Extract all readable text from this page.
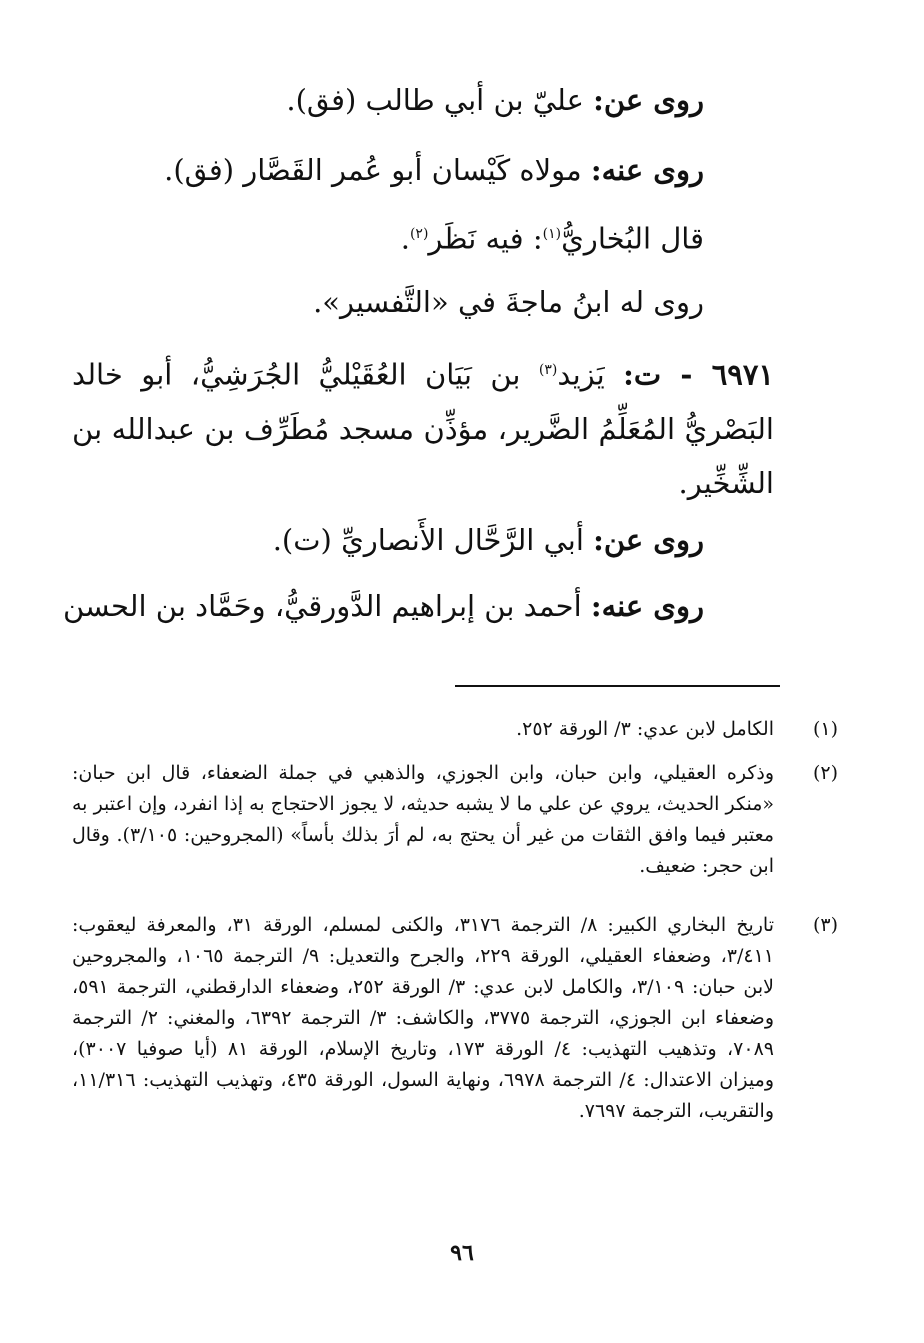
روى عن: عليّ بن أبي طالب (فق).

روى عنه: مولاه كَيْسان أبو عُمر القَصَّار (فق).

قال البُخاريُّ$^{(١)}$: فيه نَظَر$^{(٢)}$.

روى له ابنُ ماجةَ في «التَّفسير».

٦٩٧١ - ت: يَزيد$^{(٣)}$ بن بَيَان العُقَيْليُّ الجُرَشِيُّ، أبو خالد البَصْريُّ المُعَلِّمُ الضَّرير، مؤذِّن مسجد مُطَرِّف بن عبدالله بن الشِّخِّير.

روى عن: أبي الرَّحَّال الأَنصاريِّ (ت).

روى عنه: أحمد بن إبراهيم الدَّورقيُّ، وحَمَّاد بن الحسن

(١)
الكامل لابن عدي: ٣/ الورقة ٢٥٢.
(٢)
وذكره العقيلي، وابن حبان، وابن الجوزي، والذهبي في جملة الضعفاء، قال ابن حبان: «منكر الحديث، يروي عن علي ما لا يشبه حديثه، لا يجوز الاحتجاج به إذا انفرد، وإن اعتبر به معتبر فيما وافق الثقات من غير أن يحتج به، لم أرَ بذلك بأساً» (المجروحين: ٣/١٠٥). وقال ابن حجر: ضعيف.
(٣)
تاريخ البخاري الكبير: ٨/ الترجمة ٣١٧٦، والكنى لمسلم، الورقة ٣١، والمعرفة ليعقوب: ٣/٤١١، وضعفاء العقيلي، الورقة ٢٢٩، والجرح والتعديل: ٩/ الترجمة ١٠٦٥، والمجروحين لابن حبان: ٣/١٠٩، والكامل لابن عدي: ٣/ الورقة ٢٥٢، وضعفاء الدارقطني، الترجمة ٥٩١، وضعفاء ابن الجوزي، الترجمة ٣٧٧٥، والكاشف: ٣/ الترجمة ٦٣٩٢، والمغني: ٢/ الترجمة ٧٠٨٩، وتذهيب التهذيب: ٤/ الورقة ١٧٣، وتاريخ الإسلام، الورقة ٨١ (أيا صوفيا ٣٠٠٧)، وميزان الاعتدال: ٤/ الترجمة ٦٩٧٨، ونهاية السول، الورقة ٤٣٥، وتهذيب التهذيب: ١١/٣١٦، والتقريب، الترجمة ٧٦٩٧.
٩٦
